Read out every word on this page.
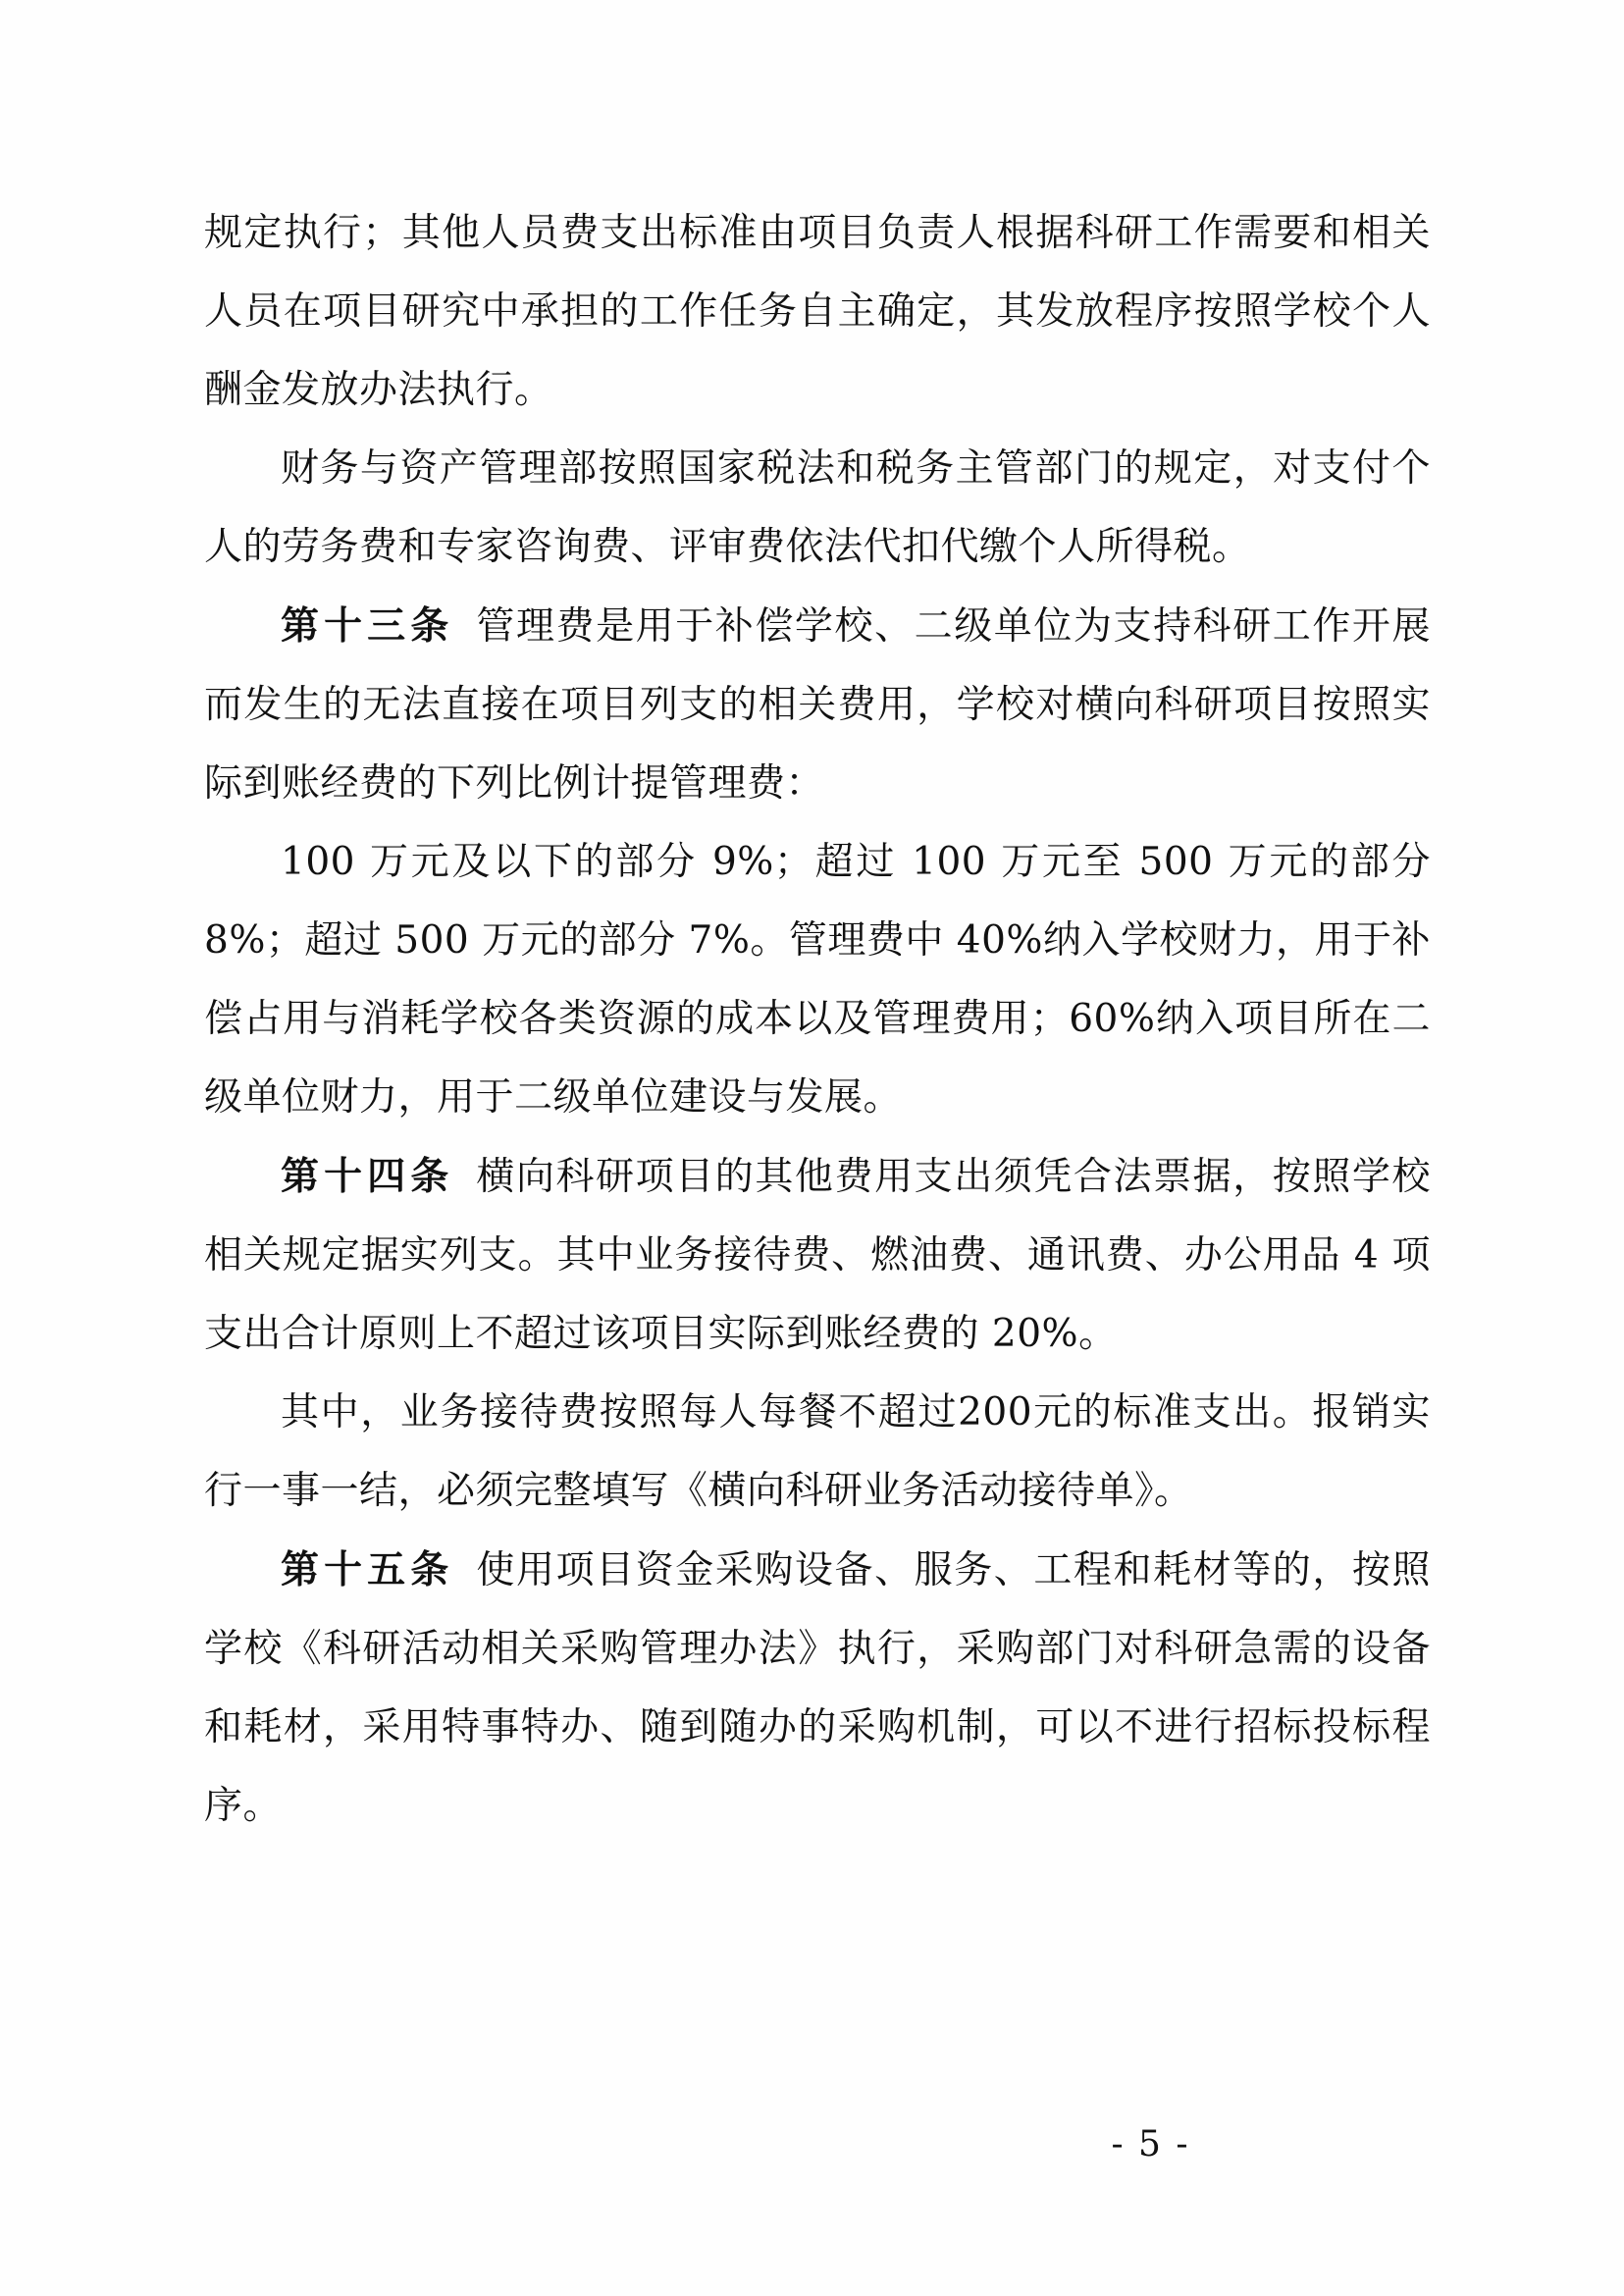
规定执行；其他人员费支出标准由项目负责人根据科研工作需要和相关人员在项目研究中承担的工作任务自主确定，其发放程序按照学校个人酬金发放办法执行。

财务与资产管理部按照国家税法和税务主管部门的规定，对支付个人的劳务费和专家咨询费、评审费依法代扣代缴个人所得税。

第十三条 管理费是用于补偿学校、二级单位为支持科研工作开展而发生的无法直接在项目列支的相关费用，学校对横向科研项目按照实际到账经费的下列比例计提管理费：

100 万元及以下的部分 9%；超过 100 万元至 500 万元的部分 8%；超过 500 万元的部分 7%。管理费中 40%纳入学校财力，用于补偿占用与消耗学校各类资源的成本以及管理费用；60%纳入项目所在二级单位财力，用于二级单位建设与发展。

第十四条 横向科研项目的其他费用支出须凭合法票据，按照学校相关规定据实列支。其中业务接待费、燃油费、通讯费、办公用品 4 项支出合计原则上不超过该项目实际到账经费的 20%。

其中，业务接待费按照每人每餐不超过200元的标准支出。报销实行一事一结，必须完整填写《横向科研业务活动接待单》。

第十五条 使用项目资金采购设备、服务、工程和耗材等的，按照学校《科研活动相关采购管理办法》执行，采购部门对科研急需的设备和耗材，采用特事特办、随到随办的采购机制，可以不进行招标投标程序。

- 5 -
